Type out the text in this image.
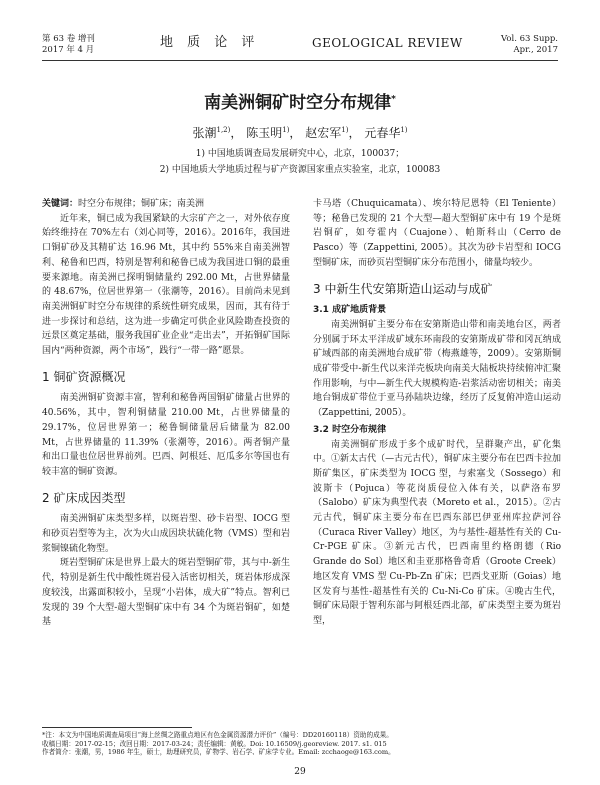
第 63 卷 增刊
2017 年 4 月	地 质 论 评	GEOLOGICAL REVIEW	Vol. 63 Supp.
Apr., 2017
南美洲铜矿时空分布规律*
张潮$^{1,2)}$， 陈玉明$^{1)}$， 赵宏军$^{1)}$， 元春华$^{1)}$
1) 中国地质调查局发展研究中心，北京，100037；
2) 中国地质大学地质过程与矿产资源国家重点实验室，北京，100083

关键词：时空分布规律；铜矿床；南美洲

近年来，铜已成为我国紧缺的大宗矿产之一，对外依存度始终维持在 70%左右（刘心同等，2016）。2016年，我国进口铜矿砂及其精矿达 16.96 Mt，其中约 55%来自南美洲智利、秘鲁和巴西，特别是智利和秘鲁已成为我国进口铜的最重要来源地。南美洲已探明铜储量约 292.00 Mt，占世界储量的 48.67%，位居世界第一（张潮等，2016）。目前尚未见到南美洲铜矿时空分布规律的系统性研究成果，因而，其有待于进一步探讨和总结，这为进一步确定可供企业风险勘查投资的远景区奠定基础，服务我国矿业企业“走出去”，开拓铜矿国际国内“两种资源，两个市场”，践行“一带一路”愿景。

1 铜矿资源概况

南美洲铜矿资源丰富，智利和秘鲁两国铜矿储量占世界的 40.56%，其中，智利铜储量 210.00 Mt，占世界储量的 29.17%，位居世界第一；秘鲁铜储量居后储量为 82.00 Mt，占世界储量的 11.39%（张潮等，2016）。两者铜产量和出口量也位居世界前列。巴西、阿根廷、厄瓜多尔等国也有较丰富的铜矿资源。

2 矿床成因类型

南美洲铜矿床类型多样，以斑岩型、砂卡岩型、IOCG 型和砂页岩型等为主，次为火山成因块状硫化物（VMS）型和岩浆铜镍硫化物型。

斑岩型铜矿床是世界上最大的斑岩型铜矿带，其与中-新生代，特别是新生代中酸性斑岩侵入活密切相关，斑岩体形成深度较浅，出露面积较小，呈现“小岩体，成大矿”特点。智利已发现的 39 个大型-超大型铜矿床中有 34 个为斑岩铜矿，如楚基

卡马塔（Chuquicamata）、埃尔特尼恩特（El Teniente）等；秘鲁已发现的 21 个大型—超大型铜矿床中有 19 个是斑岩铜矿，如夸霍内（Cuajone）、帕斯科山（Cerro de Pasco）等（Zappettini, 2005）。其次为砂卡岩型和 IOCG 型铜矿床，而砂页岩型铜矿床分布范围小，储量均较少。

3 中新生代安第斯造山运动与成矿
3.1 成矿地质背景

南美洲铜矿主要分布在安第斯造山带和南美地台区，两者分别属于环太平洋成矿域东环南段的安第斯成矿带和冈瓦纳成矿域西部的南美洲地台成矿带（梅燕雄等，2009）。安第斯铜成矿带受中-新生代以来洋壳板块向南美大陆板块持续俯冲汇聚作用影响，与中—新生代大规模构造-岩浆活动密切相关；南美地台铜成矿带位于亚马孙陆块边缘，经历了反复俯冲造山运动（Zappettini, 2005）。

3.2 时空分布规律

南美洲铜矿形成于多个成矿时代，呈群聚产出，矿化集中。①新太古代（—古元古代），铜矿床主要分布在巴西卡拉加斯矿集区，矿床类型为 IOCG 型，与索塞戈（Sossego）和波斯卡（Pojuca）等花岗质侵位入体有关，以萨洛布罗（Salobo）矿床为典型代表（Moreto et al.，2015）。②古元古代，铜矿床主要分布在巴西东部巴伊亚州库拉萨河谷（Curaca River Valley）地区，为与基性-超基性有关的 Cu-Cr-PGE 矿床。③新元古代，巴西南里约格朗德（Rio Grande do Sol）地区和圭亚那格鲁奇盾（Groote Creek）地区发育 VMS 型 Cu-Pb-Zn 矿床；巴西戈亚斯（Goias）地区发育与基性-超基性有关的 Cu-Ni-Co 矿床。④晚古生代，铜矿床局限于智利东部与阿根廷西北部，矿床类型主要为斑岩型，

*注：本文为中国地质调查局项目“海上丝绸之路重点地区有色金属资源潜力评价”（编号：DD20160118）资助的成果。
收稿日期：2017-02-15；改回日期：2017-03-24；责任编辑：黄敏。Doi: 10.16509/j.georeview. 2017. s1. 015
作者简介：张潮，男，1986 年生，硕士，助理研究员，矿物学、岩石学、矿床学专业。Email: zcchaoge@163.com。
29
